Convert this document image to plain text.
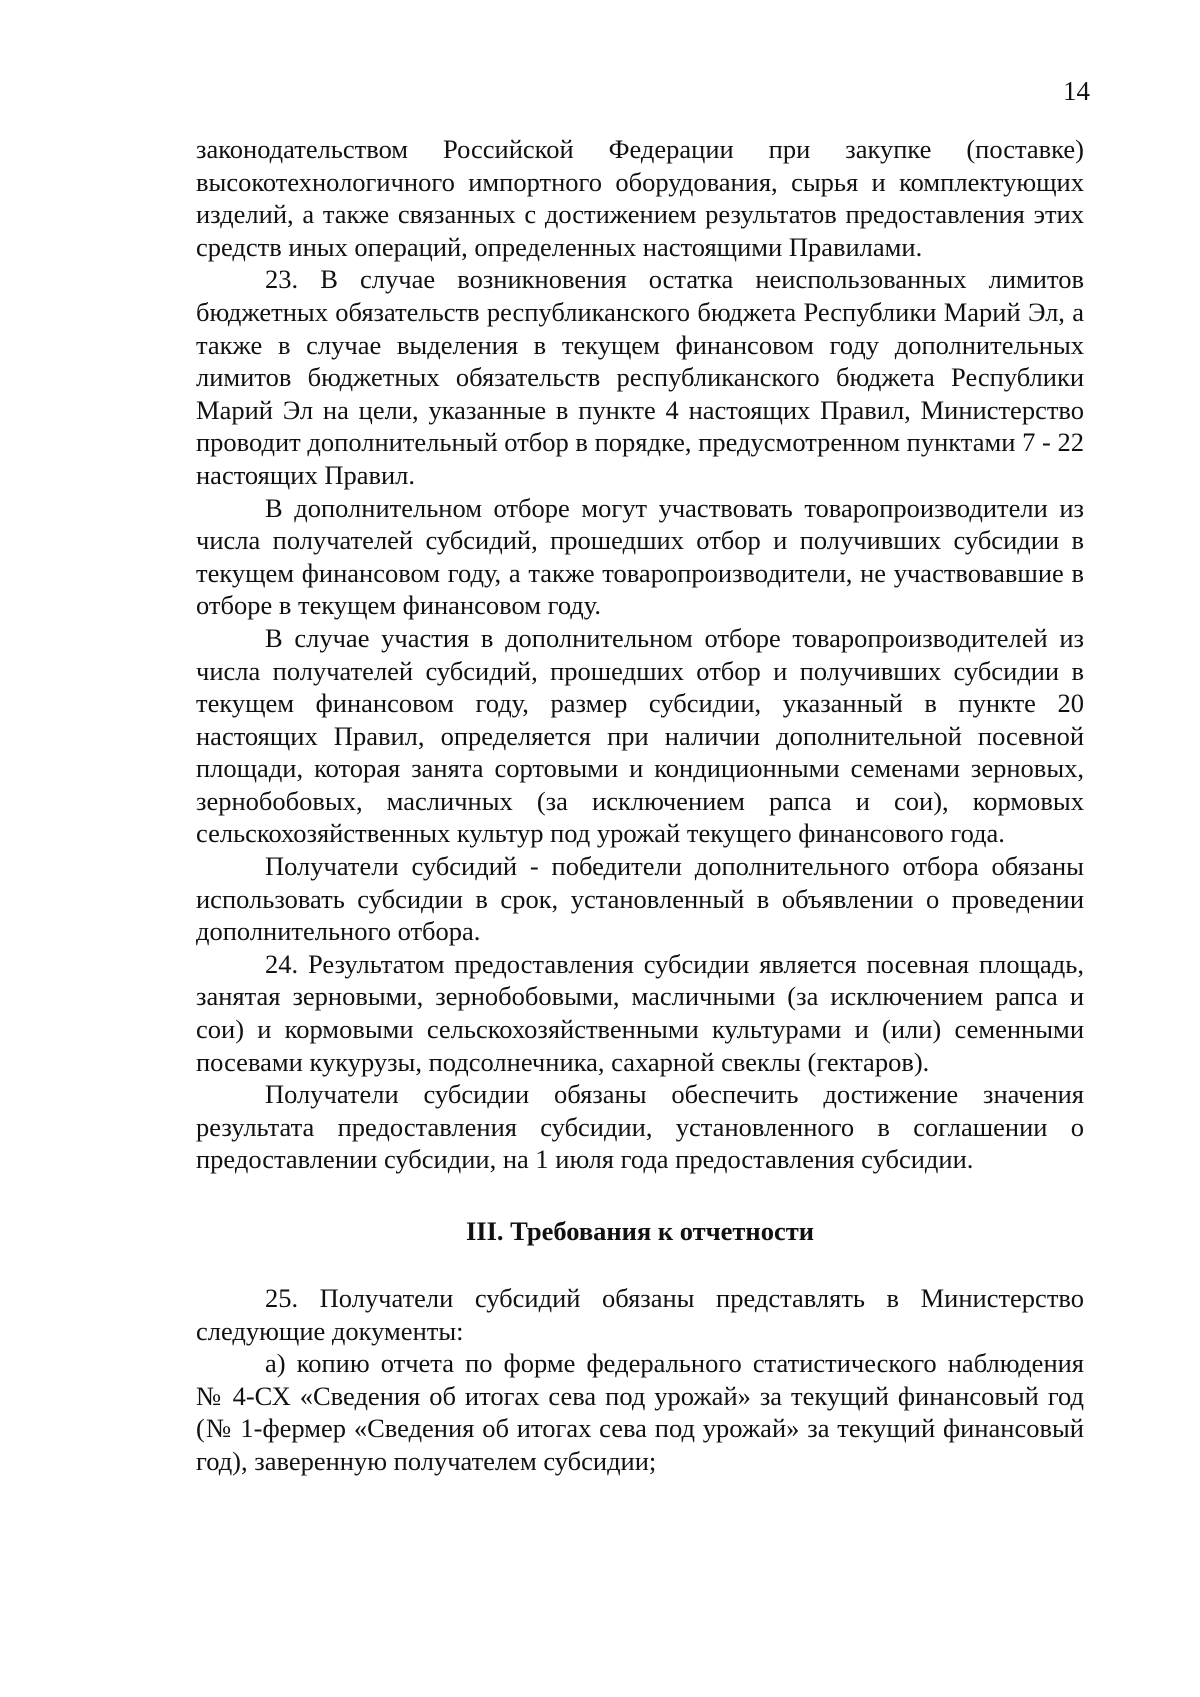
14

законодательством Российской Федерации при закупке (поставке) высокотехнологичного импортного оборудования, сырья и комплектующих изделий, а также связанных с достижением результатов предоставления этих средств иных операций, определенных настоящими Правилами.

23. В случае возникновения остатка неиспользованных лимитов бюджетных обязательств республиканского бюджета Республики Марий Эл, а также в случае выделения в текущем финансовом году дополнительных лимитов бюджетных обязательств республиканского бюджета Республики Марий Эл на цели, указанные в пункте 4 настоящих Правил, Министерство проводит дополнительный отбор в порядке, предусмотренном пунктами 7 - 22 настоящих Правил.

В дополнительном отборе могут участвовать товаропроизводители из числа получателей субсидий, прошедших отбор и получивших субсидии в текущем финансовом году, а также товаропроизводители, не участвовавшие в отборе в текущем финансовом году.

В случае участия в дополнительном отборе товаропроизводителей из числа получателей субсидий, прошедших отбор и получивших субсидии в текущем финансовом году, размер субсидии, указанный в пункте 20 настоящих Правил, определяется при наличии дополнительной посевной площади, которая занята сортовыми и кондиционными семенами зерновых, зернобобовых, масличных (за исключением рапса и сои), кормовых сельскохозяйственных культур под урожай текущего финансового года.

Получатели субсидий - победители дополнительного отбора обязаны использовать субсидии в срок, установленный в объявлении о проведении дополнительного отбора.

24. Результатом предоставления субсидии является посевная площадь, занятая зерновыми, зернобобовыми, масличными (за исключением рапса и сои) и кормовыми сельскохозяйственными культурами и (или) семенными посевами кукурузы, подсолнечника, сахарной свеклы (гектаров).

Получатели субсидии обязаны обеспечить достижение значения результата предоставления субсидии, установленного в соглашении о предоставлении субсидии, на 1 июля года предоставления субсидии.

III. Требования к отчетности

25. Получатели субсидий обязаны представлять в Министерство следующие документы:

а) копию отчета по форме федерального статистического наблюдения № 4-СХ «Сведения об итогах сева под урожай» за текущий финансовый год (№ 1-фермер «Сведения об итогах сева под урожай» за текущий финансовый год), заверенную получателем субсидии;
